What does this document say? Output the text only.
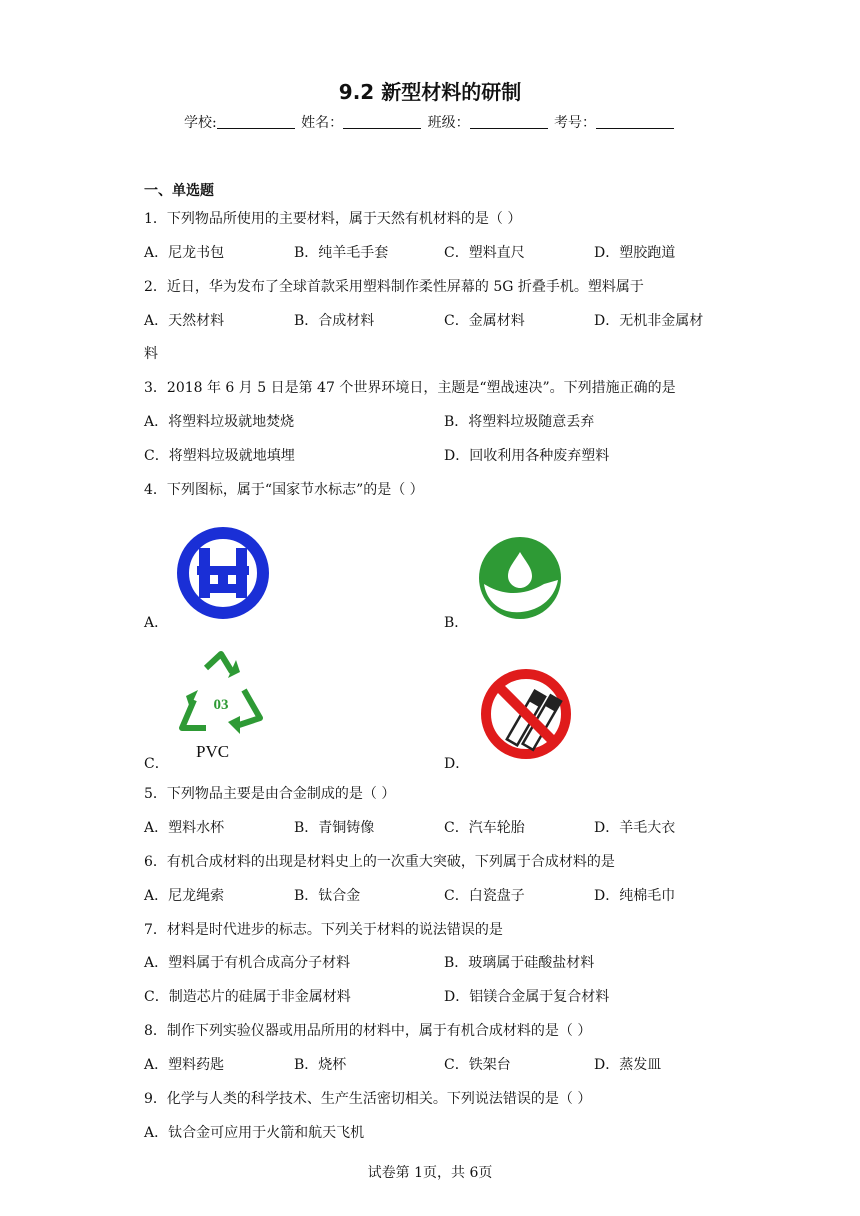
9.2 新型材料的研制
学校:	姓名：	班级：	考号：
一、单选题
1．下列物品所使用的主要材料，属于天然有机材料的是（ ）
A．尼龙书包	B．纯羊毛手套	C．塑料直尺	D．塑胶跑道
2．近日，华为发布了全球首款采用塑料制作柔性屏幕的 5G 折叠手机。塑料属于
A．天然材料	B．合成材料	C．金属材料	D．无机非金属材
料
3．2018 年 6 月 5 日是第 47 个世界环境日，主题是“塑战速决”。下列措施正确的是
A．将塑料垃圾就地焚烧	B．将塑料垃圾随意丢弃
C．将塑料垃圾就地填埋	D．回收利用各种废弃塑料
4．下列图标，属于“国家节水标志”的是（ ）
A．	B．
03
PVC
C．	D．
5．下列物品主要是由合金制成的是（ ）
A．塑料水杯	B．青铜铸像	C．汽车轮胎	D．羊毛大衣
6．有机合成材料的出现是材料史上的一次重大突破，下列属于合成材料的是
A．尼龙绳索	B．钛合金	C．白瓷盘子	D．纯棉毛巾
7．材料是时代进步的标志。下列关于材料的说法错误的是
A．塑料属于有机合成高分子材料	B．玻璃属于硅酸盐材料
C．制造芯片的硅属于非金属材料	D．铝镁合金属于复合材料
8．制作下列实验仪器或用品所用的材料中，属于有机合成材料的是（ ）
A．塑料药匙	B．烧杯	C．铁架台	D．蒸发皿
9．化学与人类的科学技术、生产生活密切相关。下列说法错误的是（ ）
A．钛合金可应用于火箭和航天飞机
试卷第 1页，共 6页
